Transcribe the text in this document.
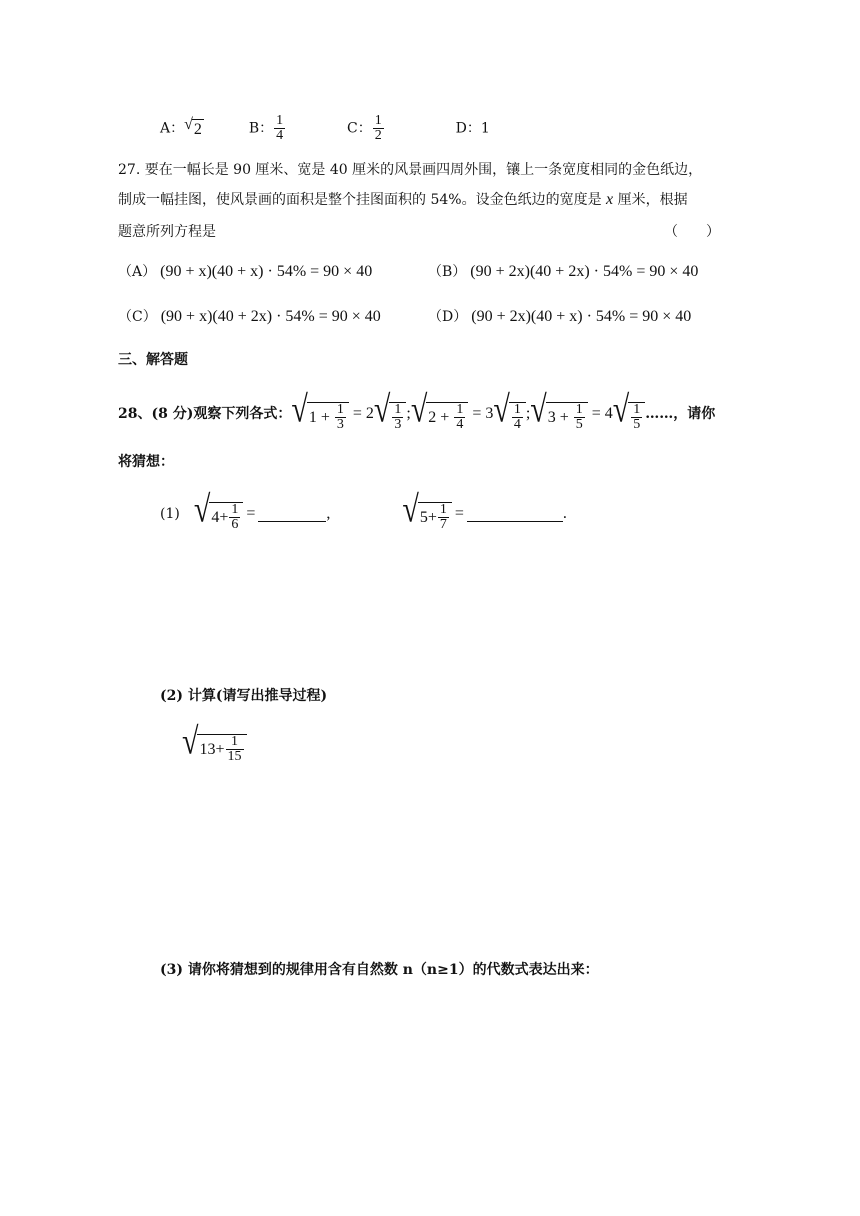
A： √ 2	B： $\frac{1}{4}$	C： $\frac{1}{2}$	D：1
27. 要在一幅长是 90 厘米、宽是 40 厘米的风景画四周外围，镶上一条宽度相同的金色纸边，
制成一幅挂图，使风景画的面积是整个挂图面积的 54%。设金色纸边的宽度是 x 厘米，根据
题意所列方程是	（　　）
（A） (90 + x)(40 + x) · 54% = 90 × 40	（B） (90 + 2x)(40 + 2x) · 54% = 90 × 40
（C） (90 + x)(40 + 2x) · 54% = 90 × 40	（D） (90 + 2x)(40 + x) · 54% = 90 × 40
三、解答题
28、(8 分)观察下列各式： √ 1
+
$\frac{1}{3} = 2$ √ $\frac{1}{3}$ ; √ 2
+
$\frac{1}{4} = 3$ √ $\frac{1}{4}$ ; √ 3
+
$\frac{1}{5} = 4$ √ $\frac{1}{5}$ ……，请你
将猜想：
(1) √ $4 + \frac{1}{6}$ =	, √ $5 + \frac{1}{7}$ =	.
(2) 计算(请写出推导过程)
√ $13 + \frac{1}{15}$
(3) 请你将猜想到的规律用含有自然数 n（n≥1）的代数式表达出来：
